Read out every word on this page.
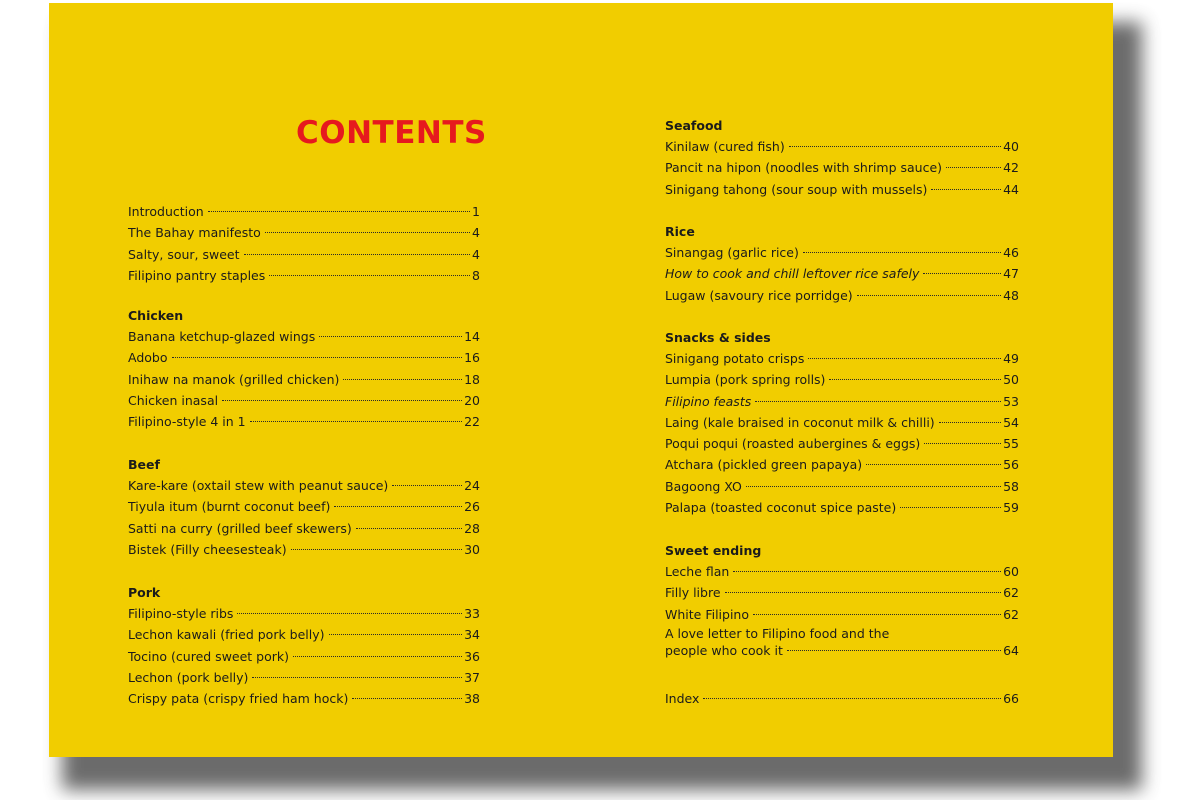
CONTENTS
Introduction	1
The Bahay manifesto	4
Salty, sour, sweet	4
Filipino pantry staples	8
Chicken
Banana ketchup-glazed wings	14
Adobo	16
Inihaw na manok (grilled chicken)	18
Chicken inasal	20
Filipino-style 4 in 1	22
Beef
Kare-kare (oxtail stew with peanut sauce)	24
Tiyula itum (burnt coconut beef)	26
Satti na curry (grilled beef skewers)	28
Bistek (Filly cheesesteak)	30
Pork
Filipino-style ribs	33
Lechon kawali (fried pork belly)	34
Tocino (cured sweet pork)	36
Lechon (pork belly)	37
Crispy pata (crispy fried ham hock)	38
Seafood
Kinilaw (cured fish)	40
Pancit na hipon (noodles with shrimp sauce)	42
Sinigang tahong (sour soup with mussels)	44
Rice
Sinangag (garlic rice)	46
How to cook and chill leftover rice safely	47
Lugaw (savoury rice porridge)	48
Snacks & sides
Sinigang potato crisps	49
Lumpia (pork spring rolls)	50
Filipino feasts	53
Laing (kale braised in coconut milk & chilli)	54
Poqui poqui (roasted aubergines & eggs)	55
Atchara (pickled green papaya)	56
Bagoong XO	58
Palapa (toasted coconut spice paste)	59
Sweet ending
Leche flan	60
Filly libre	62
White Filipino	62
A love letter to Filipino food and the
people who cook it	64
Index	66
